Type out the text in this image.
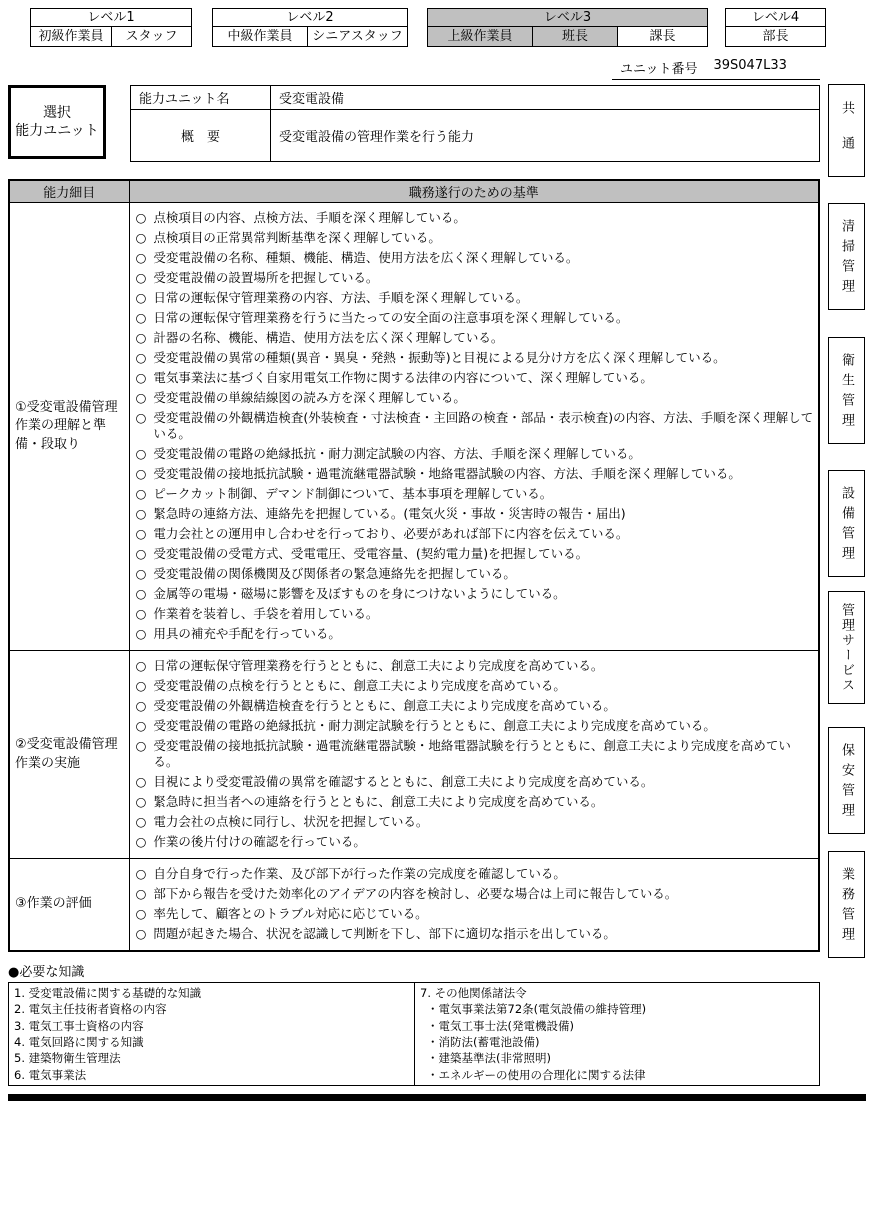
レベル1
初級作業員	スタッフ
レベル2
中級作業員	シニアスタッフ
レベル3
上級作業員	班長	課長
レベル4
部長
ユニット番号 39S047L33
選択
能力ユニット
能力ユニット名	受変電設備
概　要	受変電設備の管理作業を行う能力
能力細目	職務遂行のための基準
①受変電設備管理作業の理解と準備・段取り	
○ 点検項目の内容、点検方法、手順を深く理解している。
○ 点検項目の正常異常判断基準を深く理解している。
○ 受変電設備の名称、種類、機能、構造、使用方法を広く深く理解している。
○ 受変電設備の設置場所を把握している。
○ 日常の運転保守管理業務の内容、方法、手順を深く理解している。
○ 日常の運転保守管理業務を行うに当たっての安全面の注意事項を深く理解している。
○ 計器の名称、機能、構造、使用方法を広く深く理解している。
○ 受変電設備の異常の種類(異音・異臭・発熱・振動等)と目視による見分け方を広く深く理解している。
○ 電気事業法に基づく自家用電気工作物に関する法律の内容について、深く理解している。
○ 受変電設備の単線結線図の読み方を深く理解している。
○ 受変電設備の外観構造検査(外装検査・寸法検査・主回路の検査・部品・表示検査)の内容、方法、手順を深く理解している。
○ 受変電設備の電路の絶縁抵抗・耐力測定試験の内容、方法、手順を深く理解している。
○ 受変電設備の接地抵抗試験・過電流継電器試験・地絡電器試験の内容、方法、手順を深く理解している。
○ ピークカット制御、デマンド制御について、基本事項を理解している。
○ 緊急時の連絡方法、連絡先を把握している。(電気火災・事故・災害時の報告・届出)
○ 電力会社との運用申し合わせを行っており、必要があれば部下に内容を伝えている。
○ 受変電設備の受電方式、受電電圧、受電容量、(契約電力量)を把握している。
○ 受変電設備の関係機関及び関係者の緊急連絡先を把握している。
○ 金属等の電場・磁場に影響を及ぼすものを身につけないようにしている。
○ 作業着を装着し、手袋を着用している。
○ 用具の補充や手配を行っている。

②受変電設備管理作業の実施	
○ 日常の運転保守管理業務を行うとともに、創意工夫により完成度を高めている。
○ 受変電設備の点検を行うとともに、創意工夫により完成度を高めている。
○ 受変電設備の外観構造検査を行うとともに、創意工夫により完成度を高めている。
○ 受変電設備の電路の絶縁抵抗・耐力測定試験を行うとともに、創意工夫により完成度を高めている。
○ 受変電設備の接地抵抗試験・過電流継電器試験・地絡電器試験を行うとともに、創意工夫により完成度を高めている。
○ 目視により受変電設備の異常を確認するとともに、創意工夫により完成度を高めている。
○ 緊急時に担当者への連絡を行うとともに、創意工夫により完成度を高めている。
○ 電力会社の点検に同行し、状況を把握している。
○ 作業の後片付けの確認を行っている。

③作業の評価	
○ 自分自身で行った作業、及び部下が行った作業の完成度を確認している。
○ 部下から報告を受けた効率化のアイデアの内容を検討し、必要な場合は上司に報告している。
○ 率先して、顧客とのトラブル対応に応じている。
○ 問題が起きた場合、状況を認識して判断を下し、部下に適切な指示を出している。
●必要な知識
1. 受変電設備に関する基礎的な知識
2. 電気主任技術者資格の内容
3. 電気工事士資格の内容
4. 電気回路に関する知識
5. 建築物衛生管理法
6. 電気事業法

7. その他関係諸法令
・電気事業法第72条(電気設備の維持管理)
・電気工事士法(発電機設備)
・消防法(蓄電池設備)
・建築基準法(非常照明)
・エネルギーの使用の合理化に関する法律
共通
清掃管理
衛生管理
設備管理
管理サービス
保安管理
業務管理
